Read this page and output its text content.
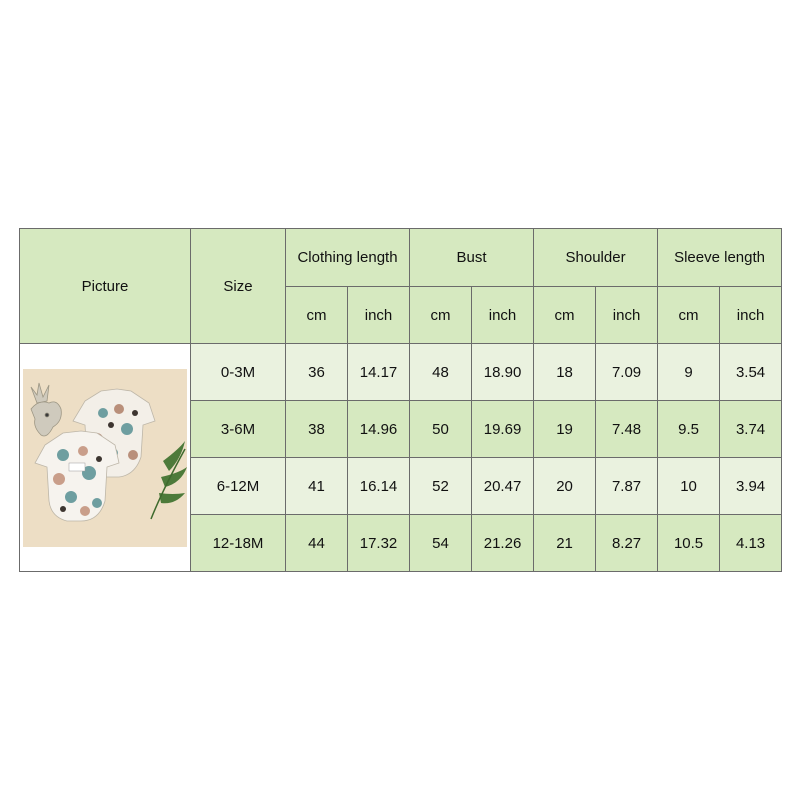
Picture	Size	Clothing length		Bust		Shoulder		Sleeve length	
		cm	inch	cm	inch	cm	inch	cm	inch

	0-3M	36	14.17	48	18.90	18	7.09	9	3.54
	3-6M	38	14.96	50	19.69	19	7.48	9.5	3.74
	6-12M	41	16.14	52	20.47	20	7.87	10	3.94
	12-18M	44	17.32	54	21.26	21	8.27	10.5	4.13
